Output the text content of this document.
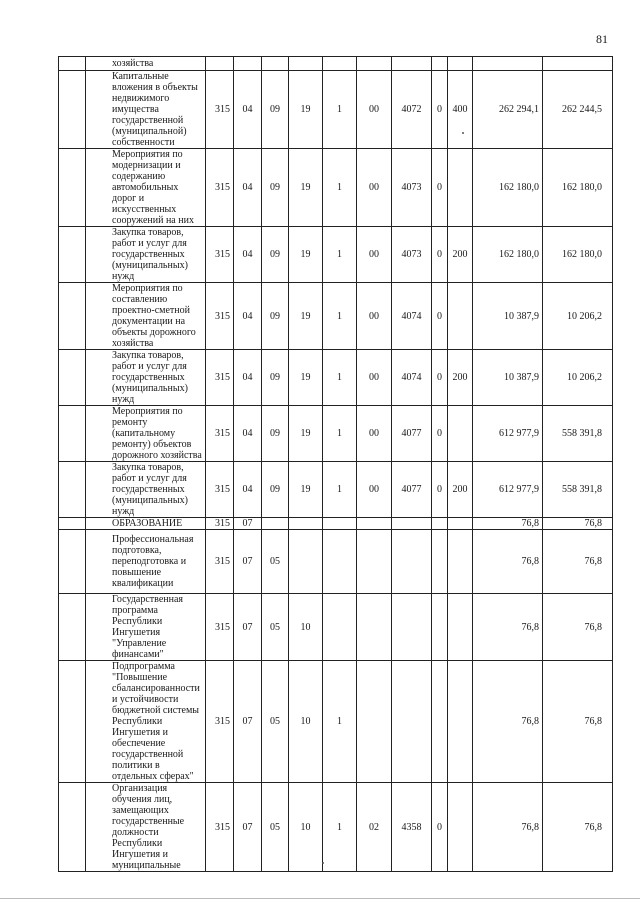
81
	хозяйства											
	Капитальные вложения в объекты недвижимого имущества государственной (муниципальной) собственности	315	04	09	19	1	00	4072	0	400	262 294,1	262 244,5
	Мероприятия по модернизации и содержанию автомобильных дорог и искусственных сооружений на них	315	04	09	19	1	00	4073	0		162 180,0	162 180,0
	Закупка товаров, работ и услуг для государственных (муниципальных) нужд	315	04	09	19	1	00	4073	0	200	162 180,0	162 180,0
	Мероприятия по составлению проектно-сметной документации на объекты дорожного хозяйства	315	04	09	19	1	00	4074	0		10 387,9	10 206,2
	Закупка товаров, работ и услуг для государственных (муниципальных) нужд	315	04	09	19	1	00	4074	0	200	10 387,9	10 206,2
	Мероприятия по ремонту (капитальному ремонту) объектов дорожного хозяйства	315	04	09	19	1	00	4077	0		612 977,9	558 391,8
	Закупка товаров, работ и услуг для государственных (муниципальных) нужд	315	04	09	19	1	00	4077	0	200	612 977,9	558 391,8
	ОБРАЗОВАНИЕ	315	07								76,8	76,8
	Профессиональная подготовка, переподготовка и повышение квалификации	315	07	05							76,8	76,8
	Государственная программа Республики Ингушетия "Управление финансами"	315	07	05	10						76,8	76,8
	Подпрограмма "Повышение сбалансированности и устойчивости бюджетной системы Республики Ингушетия и обеспечение государственной политики в отдельных сферах"	315	07	05	10	1					76,8	76,8
	Организация обучения лиц, замещающих государственные должности Республики Ингушетия и муниципальные	315	07	05	10	1	02	4358	0		76,8	76,8
